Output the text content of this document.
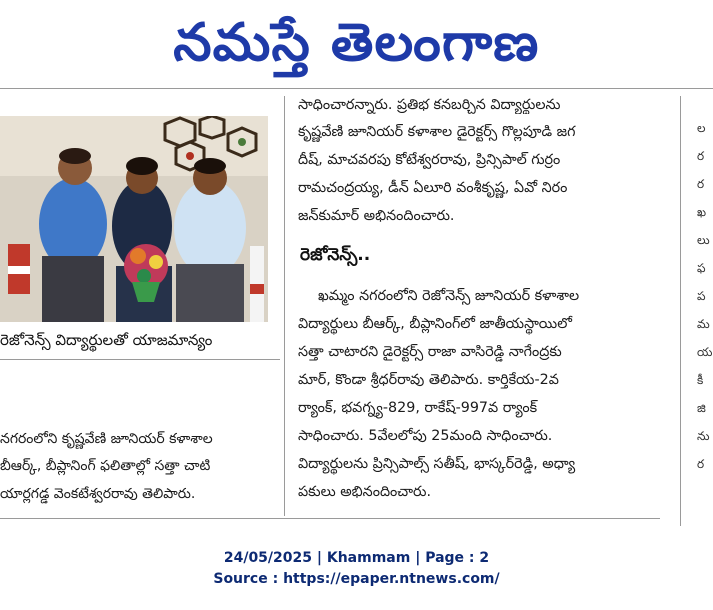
నమస్తే తెలంగాణ
రెజోనెన్స్ విద్యార్థులతో యాజమాన్యం
నగరంలోని కృష్ణవేణి జూనియర్ కళాశాల
బీఆర్క్, బీప్లానింగ్ ఫలితాల్లో సత్తా చాటి
యార్లగడ్డ వెంకటేశ్వరరావు తెలిపారు.
సాధించారన్నారు. ప్రతిభ కనబర్చిన విద్యార్థులను
కృష్ణవేణి జూనియర్ కళాశాల డైరెక్టర్స్ గొల్లపూడి జగ
దీష్, మాచవరపు కోటేశ్వరరావు, ప్రిన్సిపాల్ గుర్రం
రామచంద్రయ్య, డీన్ ఏలూరి వంశీకృష్ణ, ఏవో నిరం
జన్‌కుమార్ అభినందించారు.
రెజోనెన్స్..
ఖమ్మం నగరంలోని రెజోనెన్స్ జూనియర్ కళాశాల
విద్యార్థులు బీఆర్క్, బీప్లానింగ్‌లో జాతీయస్థాయిలో
సత్తా చాటారని డైరెక్టర్స్ రాజా వాసిరెడ్డి నాగేంద్రకు
మార్, కొండా శ్రీధర్‌రావు తెలిపారు. కార్తికేయ-2వ
ర్యాంక్, భవగ్న్య-829, రాకేష్-997వ ర్యాంక్
సాధించారు. 5వేలలోపు 25మంది సాధించారు.
విద్యార్థులను ప్రిన్సిపాల్స్ సతీష్, భాస్కర్‌రెడ్డి, అధ్యా
పకులు అభినందించారు.
ల
ర
ర
ఖ
లు
ఫ
ప
మ
య
కీ
జి
ను
ర
24/05/2025 | Khammam | Page : 2
Source : https://epaper.ntnews.com/
